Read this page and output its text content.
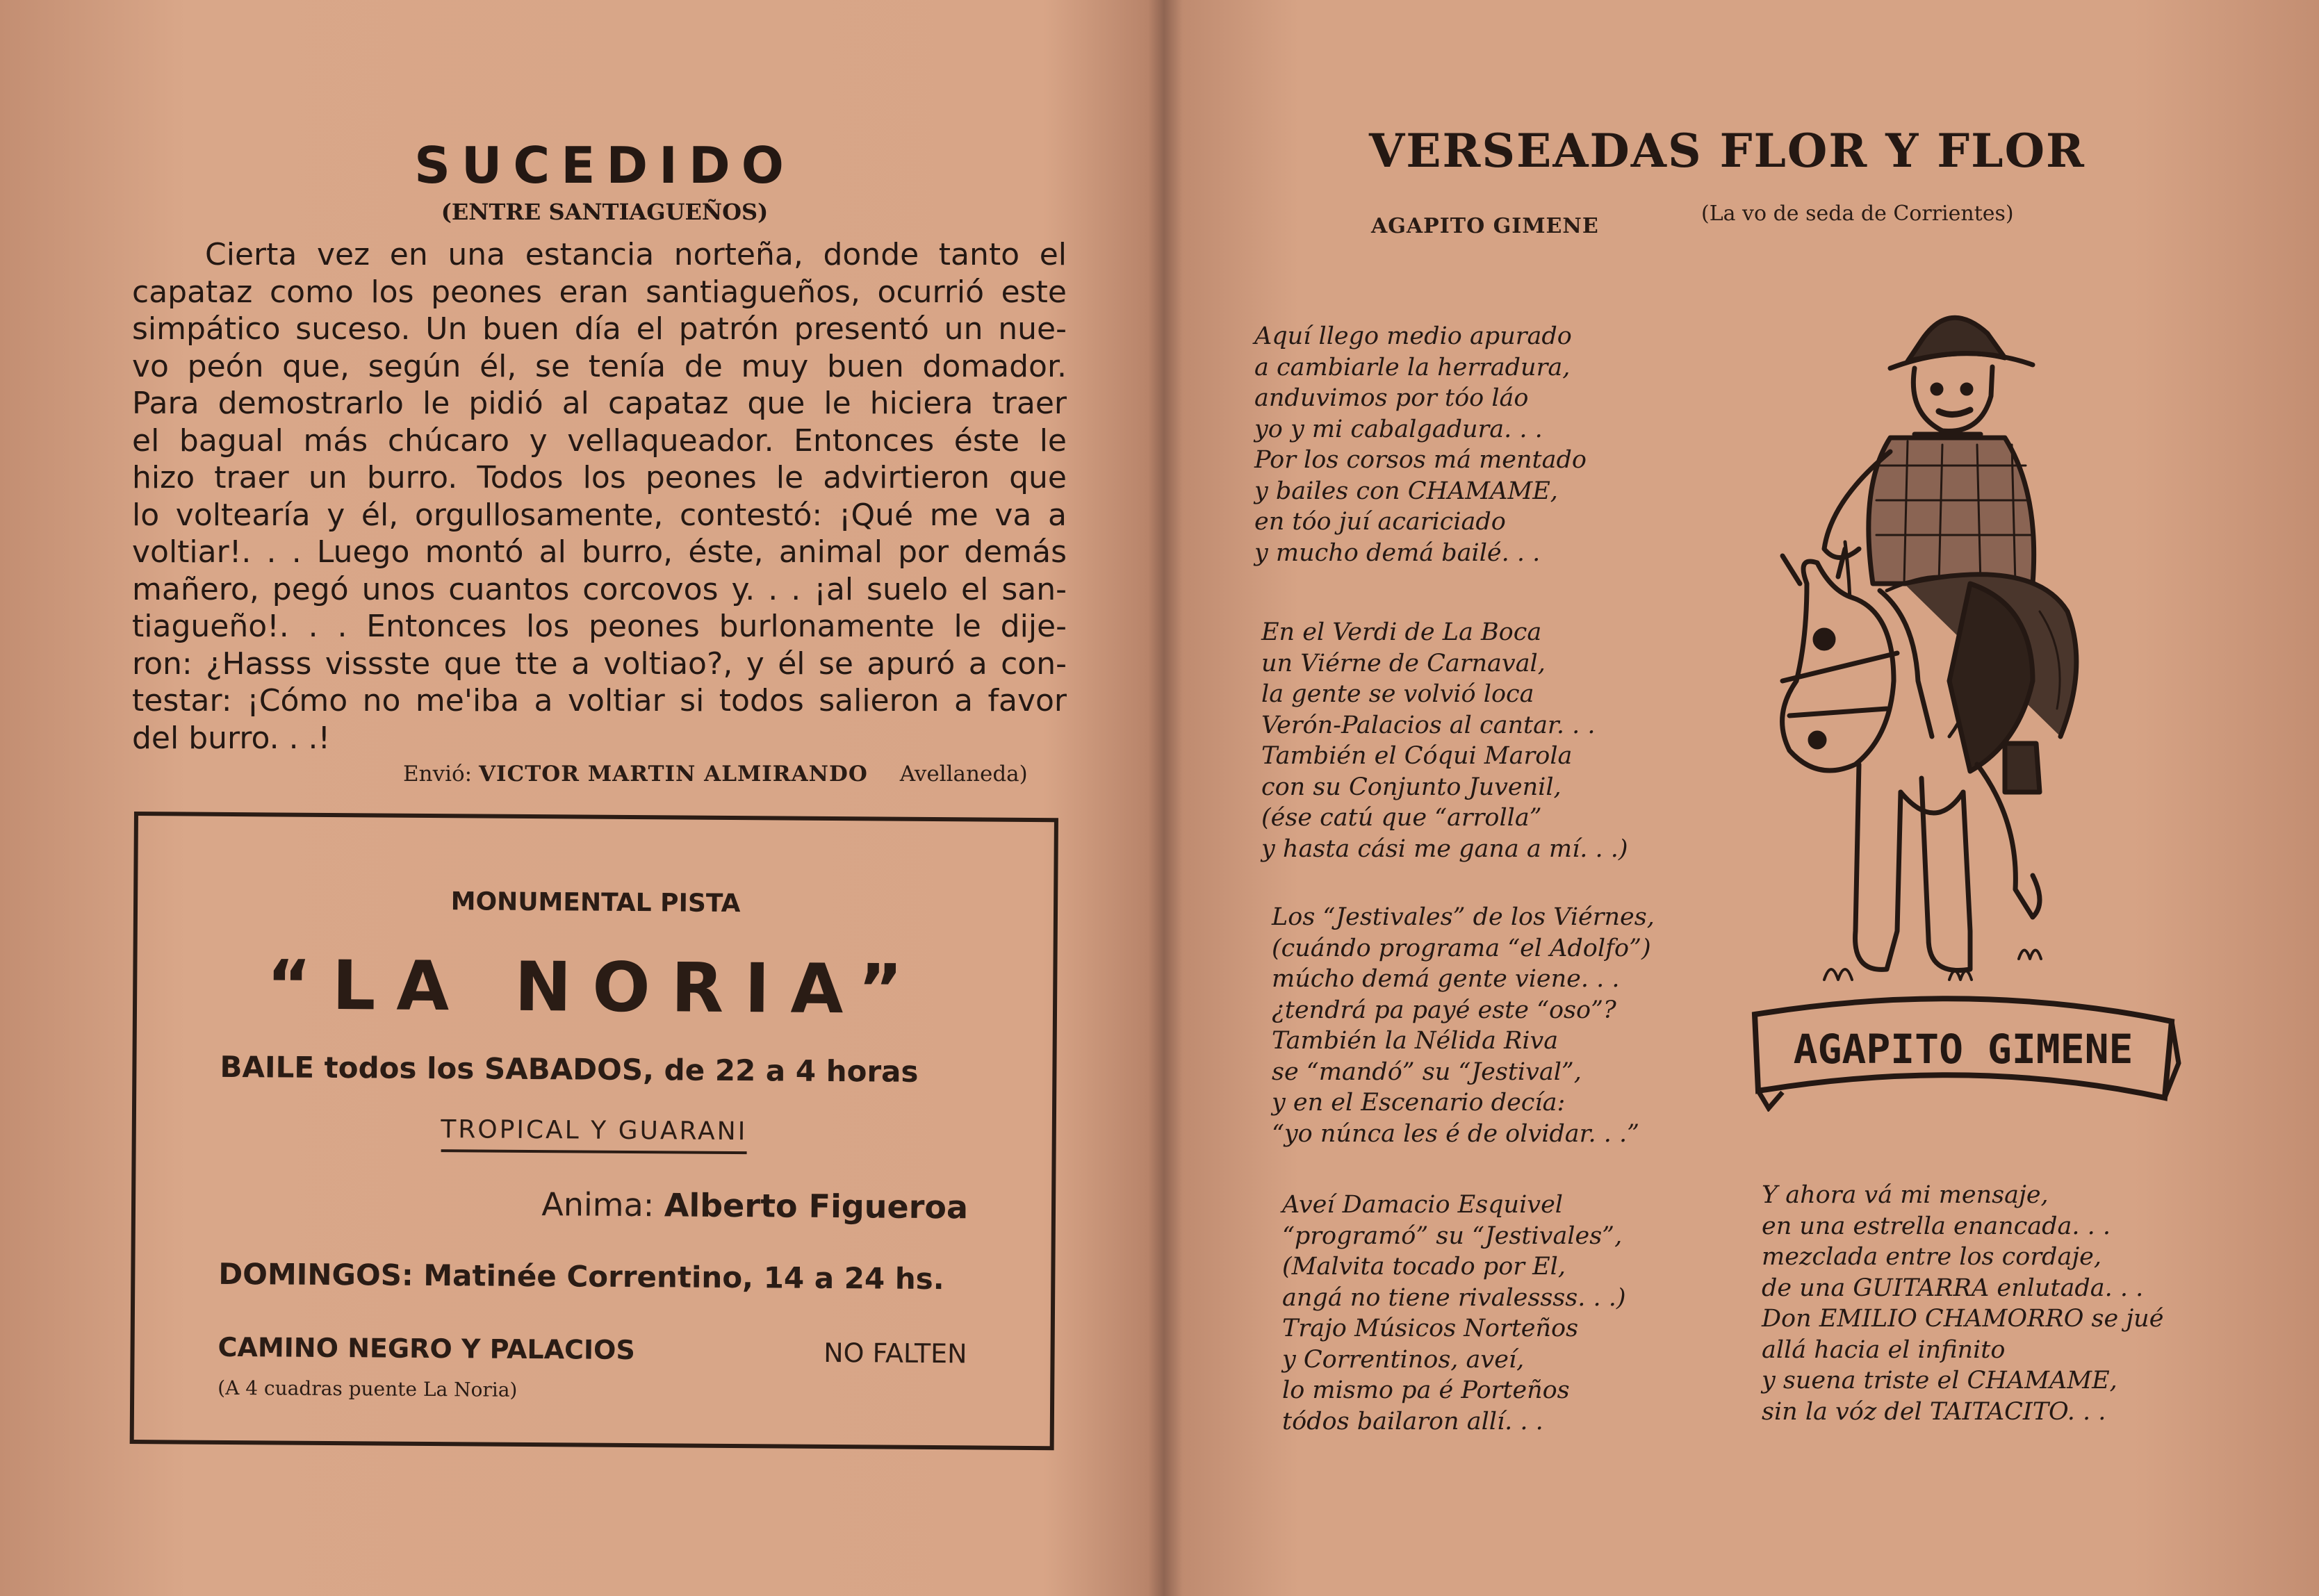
SUCEDIDO
(ENTRE SANTIAGUEÑOS)
Cierta vez en una estancia norteña, donde tanto el
capataz como los peones eran santiagueños, ocurrió este
simpático suceso. Un buen día el patrón presentó un nue-
vo peón que, según él, se tenía de muy buen domador.
Para demostrarlo le pidió al capataz que le hiciera traer
el bagual más chúcaro y vellaqueador. Entonces éste le
hizo traer un burro. Todos los peones le advirtieron que
lo voltearía y él, orgullosamente, contestó: ¡Qué me va a
voltiar!. . . Luego montó al burro, éste, animal por demás
mañero, pegó unos cuantos corcovos y. . . ¡al suelo el san-
tiagueño!. . . Entonces los peones burlonamente le dije-
ron: ¿Hasss vissste que tte a voltiao?, y él se apuró a con-
testar: ¡Cómo no me'iba a voltiar si todos salieron a favor
del burro. . .!
Envió: VICTOR MARTIN ALMIRANDO Avellaneda)
MONUMENTAL PISTA
“LA NORIA”
BAILE todos los SABADOS, de 22 a 4 horas
TROPICAL Y GUARANI
Anima: Alberto Figueroa
DOMINGOS: Matinée Correntino, 14 a 24 hs.
CAMINO NEGRO Y PALACIOS	NO FALTEN
(A 4 cuadras puente La Noria)
VERSEADAS FLOR Y FLOR
AGAPITO GIMENE
(La vo de seda de Corrientes)
Aquí llego medio apurado
a cambiarle la herradura,
anduvimos por tóo láo
yo y mi cabalgadura. . .
Por los corsos má mentado
y bailes con CHAMAME,
en tóo juí acariciado
y mucho demá bailé. . .
En el Verdi de La Boca
un Viérne de Carnaval,
la gente se volvió loca
Verón-Palacios al cantar. . .
También el Cóqui Marola
con su Conjunto Juvenil,
(ése catú que “arrolla”
y hasta cási me gana a mí. . .)
Los “Jestivales” de los Viérnes,
(cuándo programa “el Adolfo”)
múcho demá gente viene. . .
¿tendrá pa payé este “oso”?
También la Nélida Riva
se “mandó” su “Jestival”,
y en el Escenario decía:
“yo núnca les é de olvidar. . .”
Aveí Damacio Esquivel
“programó” su “Jestivales”,
(Malvita tocado por El,
angá no tiene rivalessss. . .)
Trajo Músicos Norteños
y Correntinos, aveí,
lo mismo pa é Porteños
tódos bailaron allí. . .
Y ahora vá mi mensaje,
en una estrella enancada. . .
mezclada entre los cordaje,
de una GUITARRA enlutada. . .
Don EMILIO CHAMORRO se jué
allá hacia el infinito
y suena triste el CHAMAME,
sin la vóz del TAITACITO. . .
AGAPITO GIMENE
